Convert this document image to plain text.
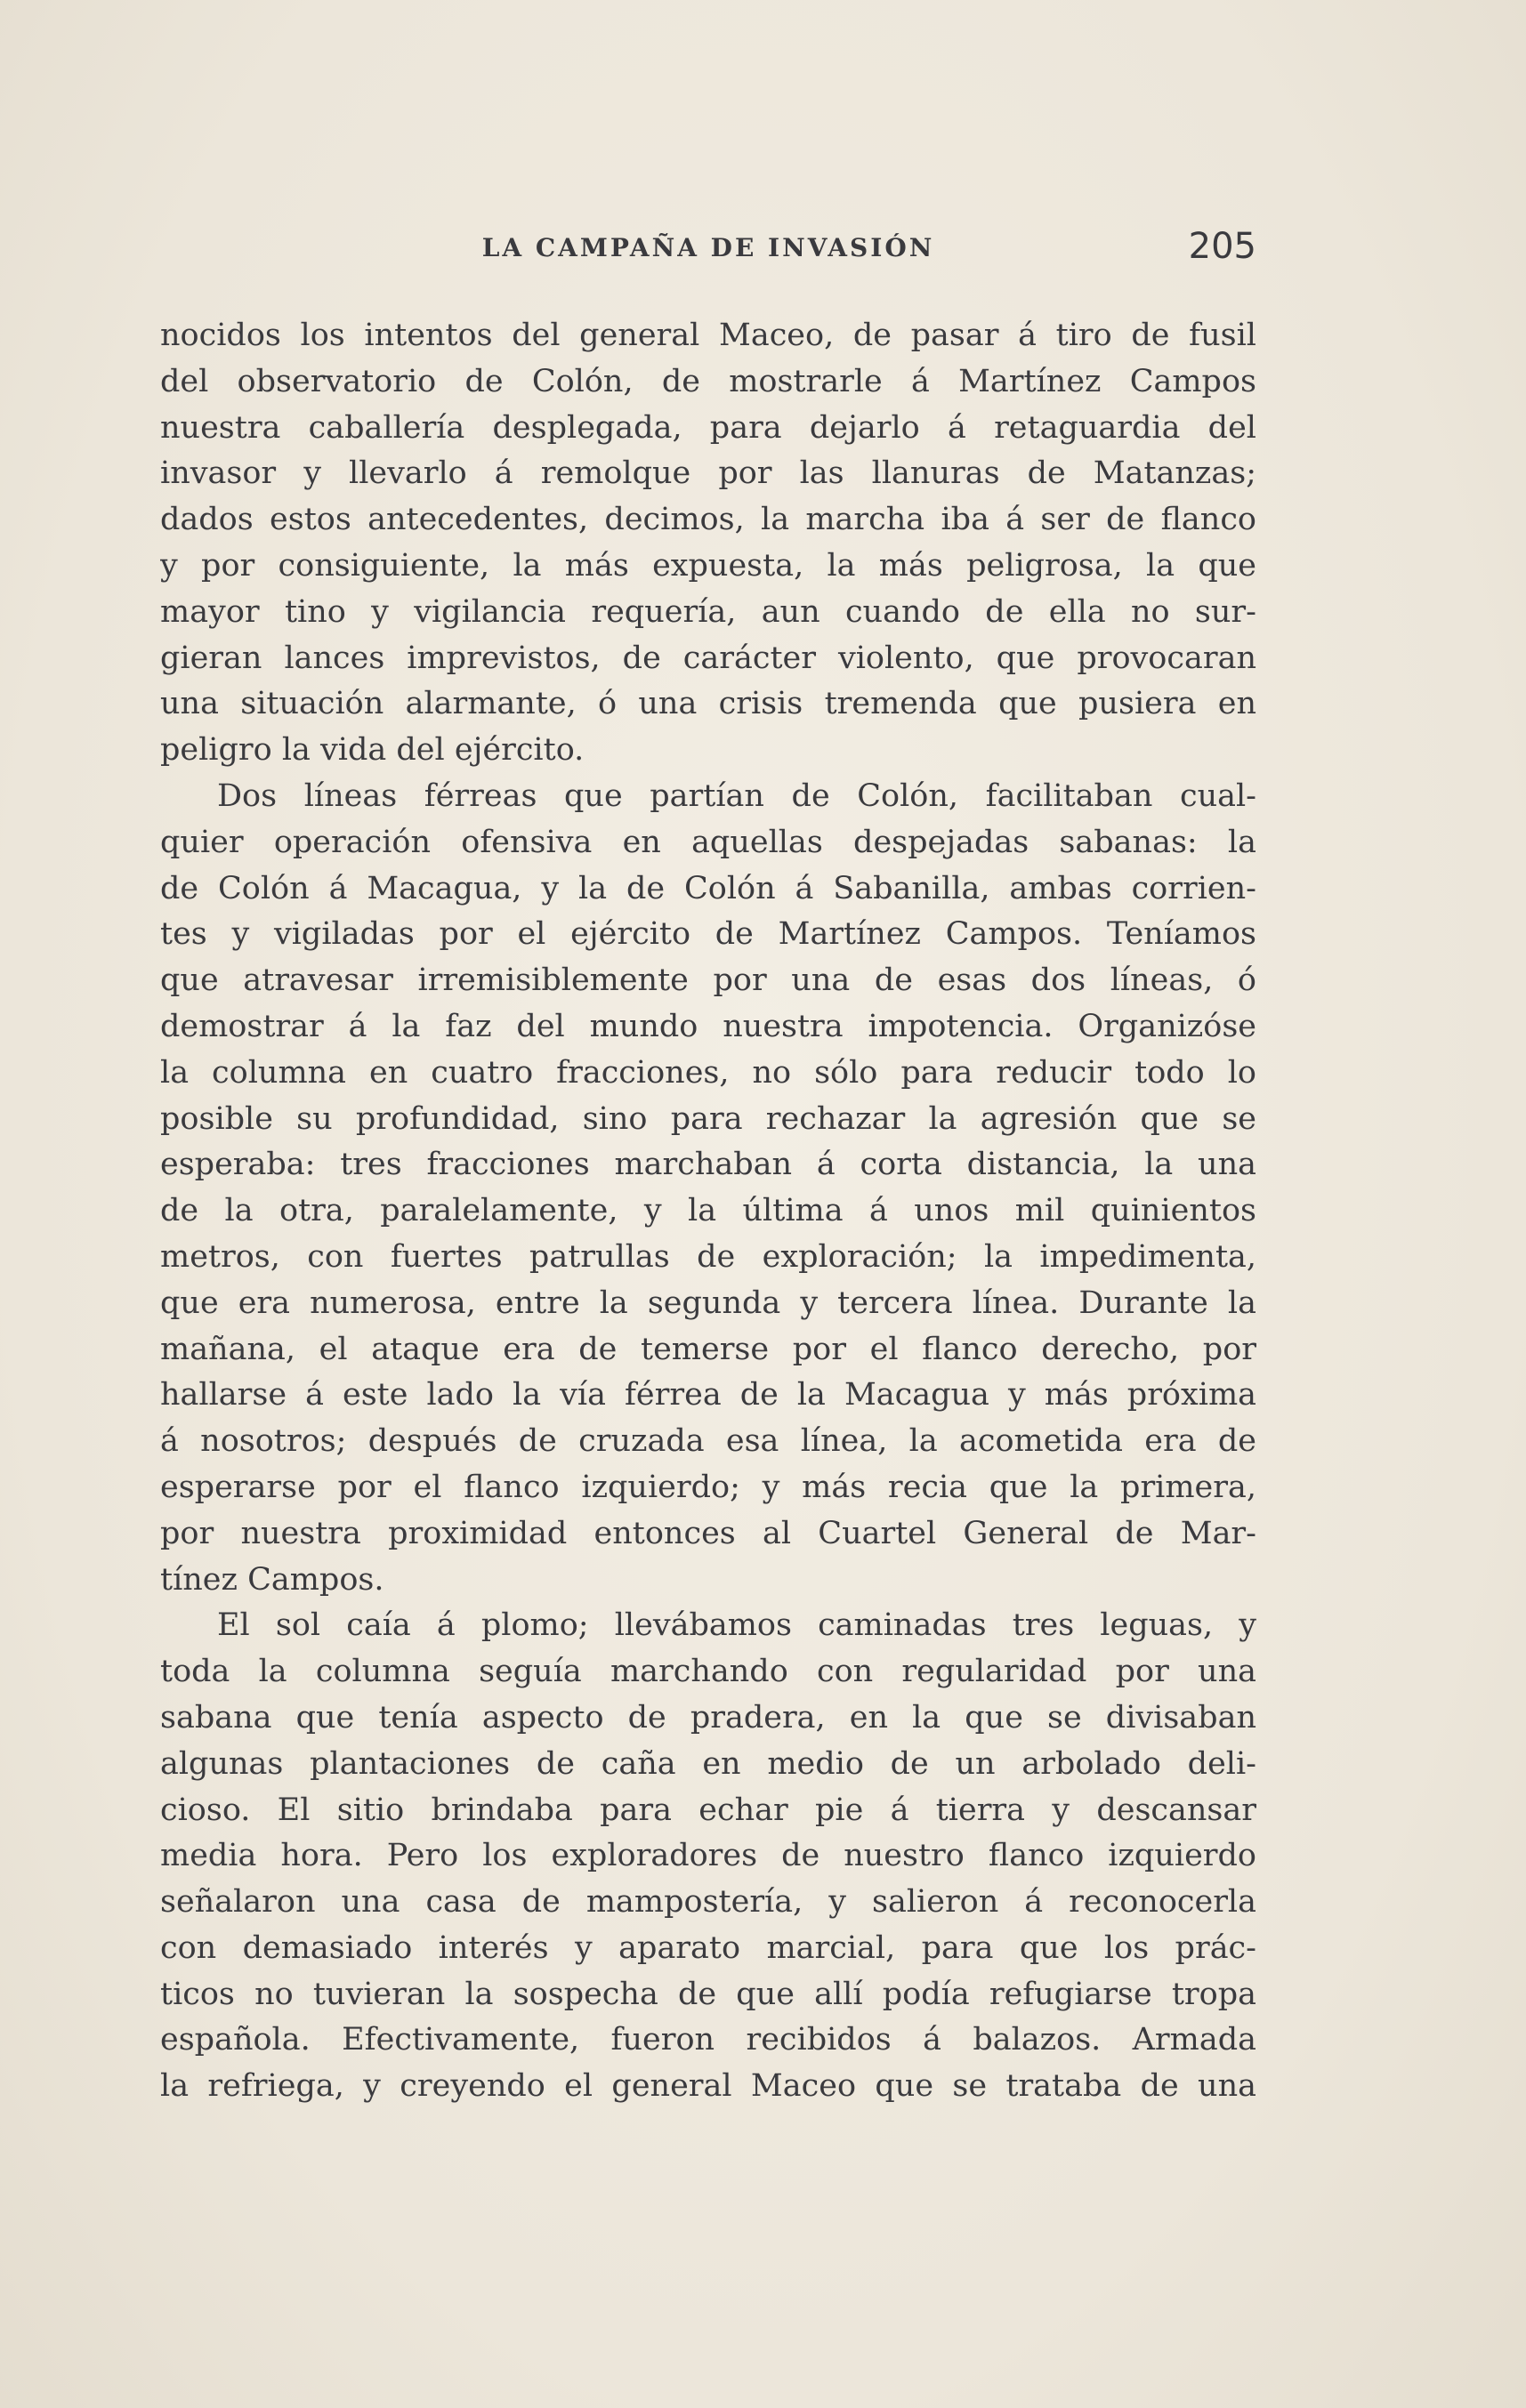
LA CAMPAÑA DE INVASIÓN	205
nocidos los intentos del general Maceo, de pasar á tiro de fusil
del observatorio de Colón, de mostrarle á Martínez Campos
nuestra caballería desplegada, para dejarlo á retaguardia del
invasor y llevarlo á remolque por las llanuras de Matanzas;
dados estos antecedentes, decimos, la marcha iba á ser de flanco
y por consiguiente, la más expuesta, la más peligrosa, la que
mayor tino y vigilancia requería, aun cuando de ella no sur-
gieran lances imprevistos, de carácter violento, que provocaran
una situación alarmante, ó una crisis tremenda que pusiera en
peligro la vida del ejército.
Dos líneas férreas que partían de Colón, facilitaban cual-
quier operación ofensiva en aquellas despejadas sabanas: la
de Colón á Macagua, y la de Colón á Sabanilla, ambas corrien-
tes y vigiladas por el ejército de Martínez Campos. Teníamos
que atravesar irremisiblemente por una de esas dos líneas, ó
demostrar á la faz del mundo nuestra impotencia. Organizóse
la columna en cuatro fracciones, no sólo para reducir todo lo
posible su profundidad, sino para rechazar la agresión que se
esperaba: tres fracciones marchaban á corta distancia, la una
de la otra, paralelamente, y la última á unos mil quinientos
metros, con fuertes patrullas de exploración; la impedimenta,
que era numerosa, entre la segunda y tercera línea. Durante la
mañana, el ataque era de temerse por el flanco derecho, por
hallarse á este lado la vía férrea de la Macagua y más próxima
á nosotros; después de cruzada esa línea, la acometida era de
esperarse por el flanco izquierdo; y más recia que la primera,
por nuestra proximidad entonces al Cuartel General de Mar-
tínez Campos.
El sol caía á plomo; llevábamos caminadas tres leguas, y
toda la columna seguía marchando con regularidad por una
sabana que tenía aspecto de pradera, en la que se divisaban
algunas plantaciones de caña en medio de un arbolado deli-
cioso. El sitio brindaba para echar pie á tierra y descansar
media hora. Pero los exploradores de nuestro flanco izquierdo
señalaron una casa de mampostería, y salieron á reconocerla
con demasiado interés y aparato marcial, para que los prác-
ticos no tuvieran la sospecha de que allí podía refugiarse tropa
española. Efectivamente, fueron recibidos á balazos. Armada
la refriega, y creyendo el general Maceo que se trataba de una
